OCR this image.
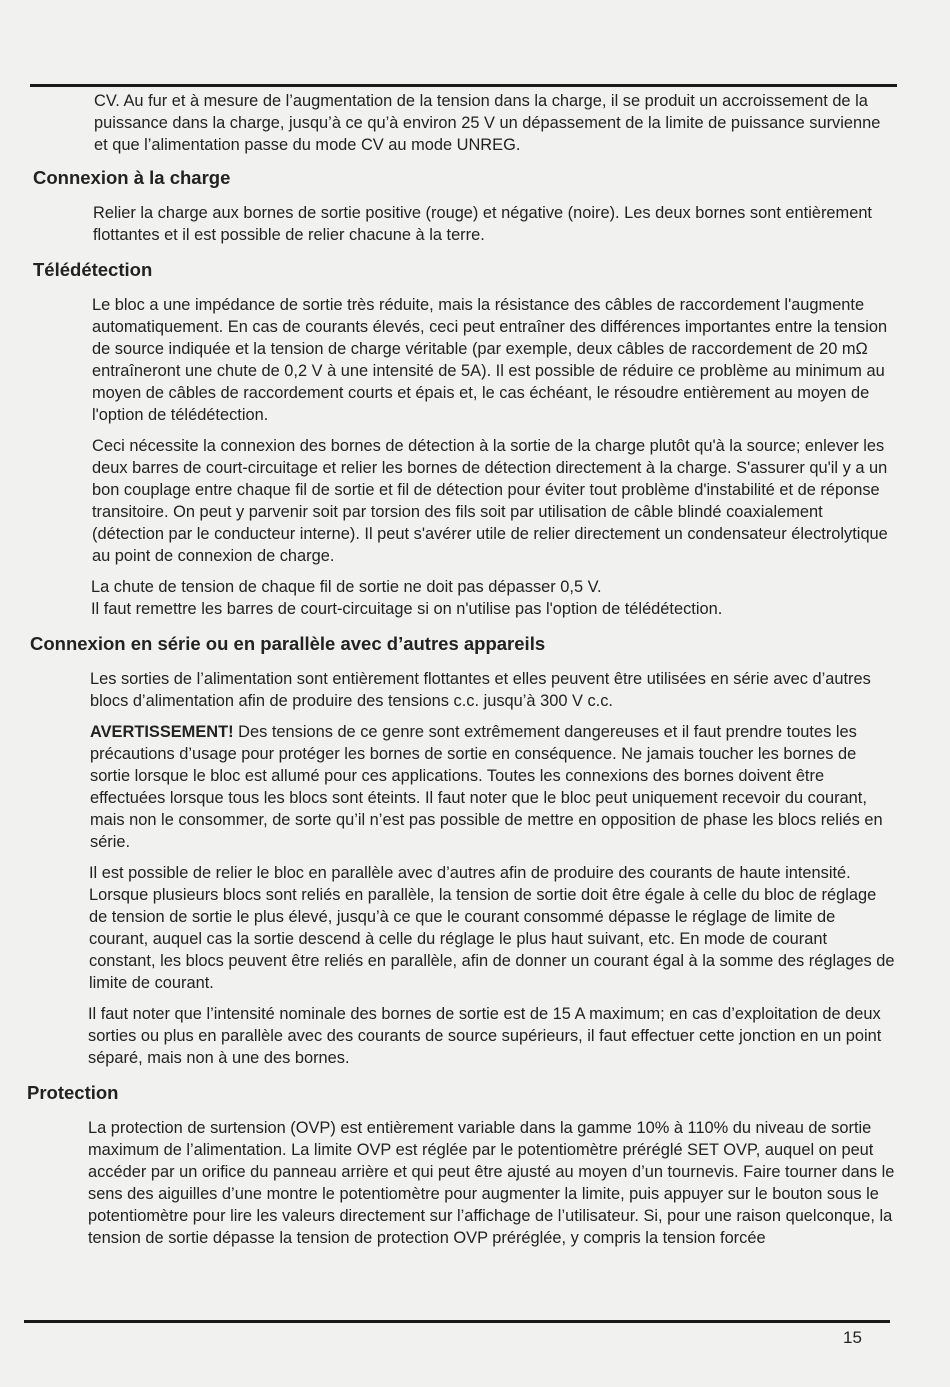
CV. Au fur et à mesure de l’augmentation de la tension dans la charge, il se produit un accroissement de la puissance dans la charge, jusqu’à ce qu’à environ 25 V un dépassement de la limite de puissance survienne et que l’alimentation passe du mode CV au mode UNREG.

Connexion à la charge

Relier la charge aux bornes de sortie positive (rouge) et négative (noire). Les deux bornes sont entièrement flottantes et il est possible de relier chacune à la terre.

Télédétection

Le bloc a une impédance de sortie très réduite, mais la résistance des câbles de raccordement l'augmente automatiquement. En cas de courants élevés, ceci peut entraîner des différences importantes entre la tension de source indiquée et la tension de charge véritable (par exemple, deux câbles de raccordement de 20 mΩ entraîneront une chute de 0,2 V à une intensité de 5A). Il est possible de réduire ce problème au minimum au moyen de câbles de raccordement courts et épais et, le cas échéant, le résoudre entièrement au moyen de l'option de télédétection.

Ceci nécessite la connexion des bornes de détection à la sortie de la charge plutôt qu'à la source; enlever les deux barres de court-circuitage et relier les bornes de détection directement à la charge. S'assurer qu'il y a un bon couplage entre chaque fil de sortie et fil de détection pour éviter tout problème d'instabilité et de réponse transitoire. On peut y parvenir soit par torsion des fils soit par utilisation de câble blindé coaxialement (détection par le conducteur interne). Il peut s'avérer utile de relier directement un condensateur électrolytique au point de connexion de charge.

La chute de tension de chaque fil de sortie ne doit pas dépasser 0,5 V.

Il faut remettre les barres de court-circuitage si on n'utilise pas l'option de télédétection.

Connexion en série ou en parallèle avec d’autres appareils

Les sorties de l’alimentation sont entièrement flottantes et elles peuvent être utilisées en série avec d’autres blocs d’alimentation afin de produire des tensions c.c. jusqu’à 300 V c.c.

AVERTISSEMENT! Des tensions de ce genre sont extrêmement dangereuses et il faut prendre toutes les précautions d’usage pour protéger les bornes de sortie en conséquence. Ne jamais toucher les bornes de sortie lorsque le bloc est allumé pour ces applications. Toutes les connexions des bornes doivent être effectuées lorsque tous les blocs sont éteints. Il faut noter que le bloc peut uniquement recevoir du courant, mais non le consommer, de sorte qu’il n’est pas possible de mettre en opposition de phase les blocs reliés en série.

Il est possible de relier le bloc en parallèle avec d’autres afin de produire des courants de haute intensité. Lorsque plusieurs blocs sont reliés en parallèle, la tension de sortie doit être égale à celle du bloc de réglage de tension de sortie le plus élevé, jusqu’à ce que le courant consommé dépasse le réglage de limite de courant, auquel cas la sortie descend à celle du réglage le plus haut suivant, etc. En mode de courant constant, les blocs peuvent être reliés en parallèle, afin de donner un courant égal à la somme des réglages de limite de courant.

Il faut noter que l’intensité nominale des bornes de sortie est de 15 A maximum; en cas d’exploitation de deux sorties ou plus en parallèle avec des courants de source supérieurs, il faut effectuer cette jonction en un point séparé, mais non à une des bornes.

Protection

La protection de surtension (OVP) est entièrement variable dans la gamme 10% à 110% du niveau de sortie maximum de l’alimentation. La limite OVP est réglée par le potentiomètre préréglé SET OVP, auquel on peut accéder par un orifice du panneau arrière et qui peut être ajusté au moyen d’un tournevis. Faire tourner dans le sens des aiguilles d’une montre le potentiomètre pour augmenter la limite, puis appuyer sur le bouton sous le potentiomètre pour lire les valeurs directement sur l’affichage de l’utilisateur. Si, pour une raison quelconque, la tension de sortie dépasse la tension de protection OVP préréglée, y compris la tension forcée

15
